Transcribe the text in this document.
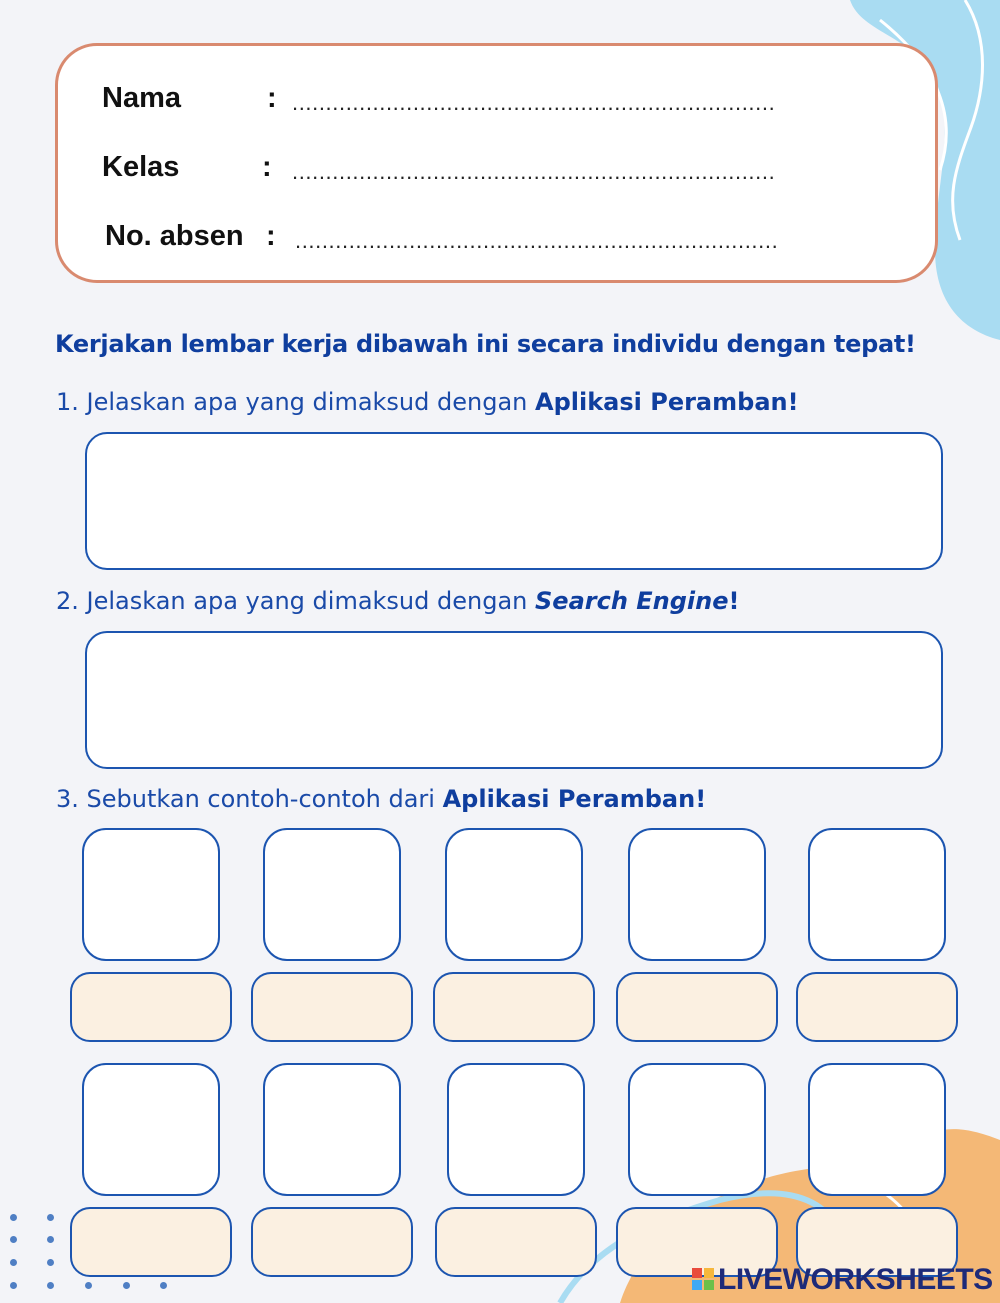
Nama	: ........................................................................
Kelas	: ........................................................................
No. absen : ........................................................................
Kerjakan lembar kerja dibawah ini secara individu dengan tepat!
1. Jelaskan apa yang dimaksud dengan Aplikasi Peramban!
2. Jelaskan apa yang dimaksud dengan Search Engine!
3. Sebutkan contoh-contoh dari Aplikasi Peramban!
LIVEWORKSHEETS
